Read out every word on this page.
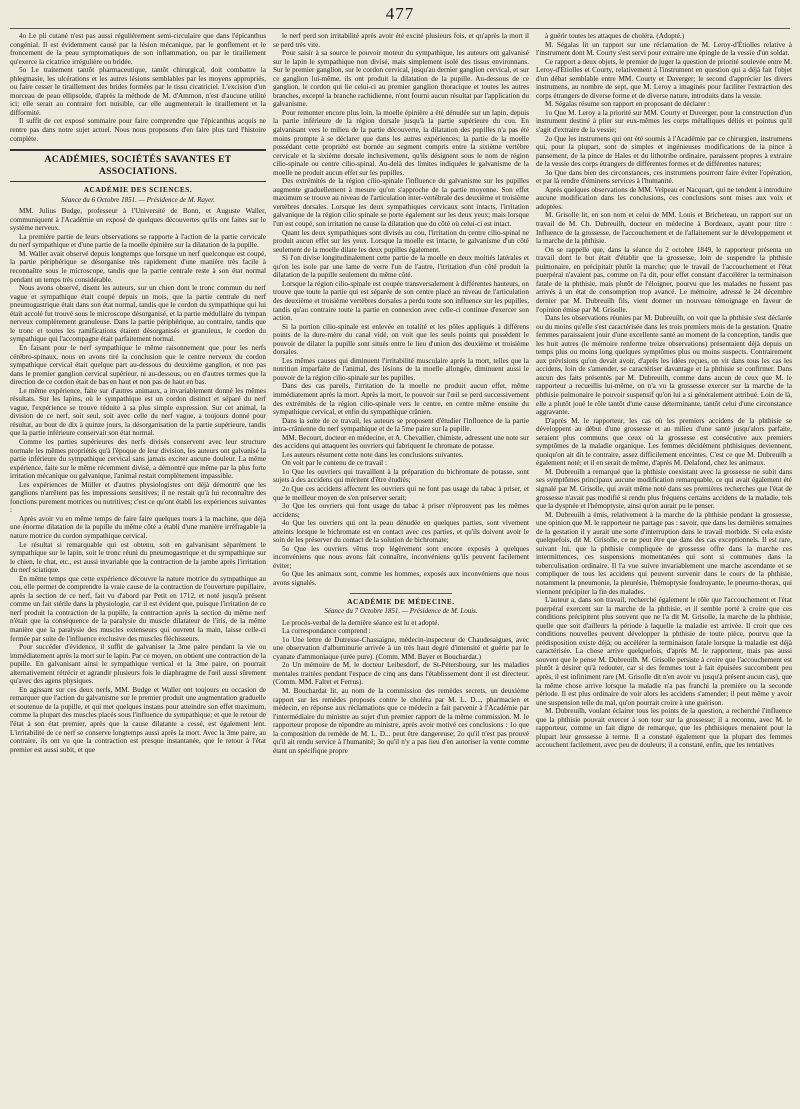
477

4o Le pli cutané n'est pas aussi régulièrement semi-circulaire que dans l'épicanthus congénial. Il est évidemment causé par la lésion mécanique, par le gonflement et le froncement de la peau symptomatiques de son inflammation, ou par le tiraillement qu'exerce la cicatrice irrégulière ou bridée.

5o Le traitement tantôt pharmaceutique, tantôt chirurgical, doit combattre la phlegmasie, les ulcérations et les autres lésions semblables par les moyens appropriés, ou faire cesser le tiraillement des brides formées par le tissu cicatriciel. L'excision d'un morceau de peau ellipsoïde, d'après la méthode de M. d'Ammon, n'est d'aucune utilité ici; elle serait au contraire fort nuisible, car elle augmenterait le tiraillement et la difformité.

Il suffit de cet exposé sommaire pour faire comprendre que l'épicanthus acquis ne rentre pas dans notre sujet actuel. Nous nous proposons d'en faire plus tard l'histoire complète.

ACADÉMIES, SOCIÉTÉS SAVANTES ET ASSOCIATIONS.
ACADÉMIE DES SCIENCES.
Séance du 6 Octobre 1851. — Présidence de M. Rayer.

MM. Julius Budge, professeur à l'Université de Bonn, et Auguste Waller, communiquent à l'Académie un exposé de quelques découvertes qu'ils ont faites sur le système nerveux.

La première partie de leurs observations se rapporte à l'action de la partie cervicale du nerf sympathique et d'une partie de la moelle épinière sur la dilatation de la pupille.

M. Waller avait observé depuis longtemps que lorsque un nerf quelconque est coupé, la partie périphérique se désorganise très rapidement d'une manière très facile à reconnaître sous le microscope, tandis que la partie centrale reste à son état normal pendant un temps très considérable.

Nous avons observé, disent les auteurs, sur un chien dont le tronc commun du nerf vague et sympathique était coupé depuis un mois, que la partie centrale du nerf pneumogastrique était dans son état normal, tandis que le cordon du sympathique qui lui était accolé fut trouvé sous le microscope désorganisé, et la partie médullaire du tympan nerveux complètement granuleuse. Dans la partie périphérique, au contraire, tandis que le tronc et toutes les ramifications étaient désorganisés et granuleux, le cordon du sympathique qui l'accompagne était parfaitement normal.

En faisant pour le nerf sympathique le même raisonnement que pour les nerfs cérébro-spinaux, nous en avons tiré la conclusion que le centre nerveux du cordon sympathique cervical était quelque part au-dessous du deuxième ganglion, et non pas dans le premier ganglion cervical supérieur, ni au-dessous, ou en d'autres termes que la direction de ce cordon était de bas en haut et non pas de haut en bas.

Le même expérience, faite sur d'autres animaux, a invariablement donné les mêmes résultats. Sur les lapins, où le sympathique est un cordon distinct et séparé du nerf vague, l'expérience se trouve réduite à sa plus simple expression. Sur cet animal, la division de ce nerf, soit seul, soit avec celle du nerf vague, a toujours donné pour résultat, au bout de dix à quinze jours, la désorganisation de la partie supérieure, tandis que la partie inférieure conservait son état normal.

Comme les parties supérieures des nerfs divisés conservent avec leur structure normale les mêmes propriétés qu'à l'époque de leur division, les auteurs ont galvanisé la partie inférieure du sympathique cervical sans jamais exciter aucune douleur. La même expérience, faite sur le même récemment divisé, a démontré que même par la plus forte irritation mécanique ou galvanique, l'animal restait complètement impassible.

Les expériences de Müller et d'autres physiologistes ont déjà démontré que les ganglions n'arrêtent pas les impressions sensitives; il ne restait qu'à lui reconnaître des fonctions purement motrices ou nutritives; c'est ce qu'ont établi les expériences suivantes :

Après avoir vu en même temps de faire faire quelques tours à la machine, que déjà une énorme dilatation de la pupille du même côté a établi d'une manière irréfragable la nature motrice du cordon sympathique cervical.

Le résultat si remarquable qui est obtenu, soit en galvanisant séparément le sympathique sur le lapin, soit le tronc réuni du pneumogastrique et du sympathique sur le chien, le chat, etc., est aussi invariable que la contraction de la jambe après l'irritation du nerf sciatique.

En même temps que cette expérience découvre la nature motrice du sympathique au cou, elle permet de comprendre la vraie cause de la contraction de l'ouverture pupillaire, après la section de ce nerf, fait vu d'abord par Petit en 1712, et noté jusqu'à présent comme un fait stérile dans la physiologie, car il est évident que, puisque l'irritation de ce nerf produit la contraction de la pupille, la contraction après la section du même nerf n'était que la conséquence de la paralysie du muscle dilatateur de l'iris, de la même manière que la paralysie des muscles extenseurs qui ouvrent la main, laisse celle-ci fermée par suite de l'influence exclusive des muscles fléchisseurs.

Pour succéder d'évidence, il suffit de galvaniser la 3me paire pendant la vie ou immédiatement après la mort sur le lapin. Par ce moyen, on obtient une contraction de la pupille. En galvanisant ainsi le sympathique vertical et la 3me paire, on pourrait alternativement rétrécir et agrandir plusieurs fois le diaphragme de l'œil aussi sûrement qu'avec des agens physiques.

En agissant sur ces deux nerfs, MM. Budge et Waller ont toujours eu occasion de remarquer que l'action du galvanisme sur le premier produit une augmentation graduelle et soutenue de la pupille, et qui met quelques instans pour atteindre son effet maximum, comme la plupart des muscles placés sous l'influence du sympathique; et que le retour de l'état à son état premier, après que la cause dilatante a cessé, est également lent. L'irritabilité de ce nerf se conserve longtemps aussi après la mort. Avec la 3me paire, au contraire, ils ont vu que la contraction est presque instantanée, que le retour à l'état premier est aussi subit, et que

le nerf perd son irritabilité après avoir été excité plusieurs fois, et qu'après la mort il se perd très vite.

Pour saisir à sa source le pouvoir moteur du sympathique, les auteurs ont galvanisé sur le lapin le sympathique non divisé, mais simplement isolé des tissus environnans. Sur le premier ganglion, sur le cordon cervical, jusqu'au dernier ganglion cervical, et sur ce ganglion lui-même, ils ont produit la dilatation de la pupille. Au-dessous de ce ganglion, le cordon qui lie celui-ci au premier ganglion thoracique et toutes les autres branches, excepté la branche rachidienne, n'ont fourni aucun résultat par l'application du galvanisme.

Pour remonter encore plus loin, la moelle épinière a été dénudée sur un lapin, depuis la partie inférieure de la région dorsale jusqu'à la partie supérieure du cou. En galvanisant vers le milieu de la partie découverte, la dilatation des pupilles n'a pas été moins prompte à se déclarer que dans les autres expériences; la partie de la moelle possédant cette propriété est bornée au segment compris entre la sixième vertèbre cervicale et la sixième dorsale inclusivement, qu'ils désignent sous le nom de région cilio-spinale ou centre cilio-spinal. Au-delà des limites indiquées le galvanisme de la moelle ne produit aucun effet sur les pupilles.

Des extrémités de la région cilio-spinale l'influence du galvanisme sur les pupilles augmente graduellement à mesure qu'on s'approche de la partie moyenne. Son effet maximum se trouve au niveau de l'articulation inter-vertébrale des deuxième et troisième vertèbres dorsales. Lorsque les deux sympathiques cervicaux sont intacts, l'irritation galvanique de la région cilio spinale se porte également sur les deux yeux; mais lorsque l'un est coupé, son irritation ne cause la dilatation que du côté où celui-ci est intact.

Quant les deux sympathiques sont divisés au cou, l'irritation du centre cilio-spinal ne produit aucun effet sur les yeux. Lorsque la moelle est intacte, le galvanisme d'un côté seulement de la moelle dilate les deux pupilles également.

Si l'on divise longitudinalement cette partie de la moelle en deux moitiés latérales et qu'on les isole par une lame de verre l'un de l'autre, l'irritation d'un côté produit la dilatation de la pupille seulement du même côté.

Lorsque la région cilio-spinale est coupée transversalement à différentes hauteurs, on trouve que toute la partie qui est séparée de son centre placé au niveau de l'articulation des deuxième et troisième vertèbres dorsales a perdu toute son influence sur les pupilles, tandis qu'au contraire toute la partie en connexion avec celle-ci continue d'exercer son action.

Si la portion cilio-spinale est enlevée en totalité et les pôles appliqués à différens points de la dure-mère du canal vidé, on voit que les seuls points qui possèdent le pouvoir de dilater la pupille sont situés entre le lieu d'union des deuxième et troisième dorsales.

Les mêmes causes qui diminuent l'irritabilité musculaire après la mort, telles que la nutrition imparfaite de l'animal, des lésions de la moelle allongée, diminuent aussi le pouvoir de la région cilio-spinale sur les pupilles.

Dans des cas pareils, l'irritation de la moelle ne produit aucun effet, même immédiatement après la mort. Après la mort, le pouvoir sur l'œil se perd successivement des extrémités de la région cilio-spinale vers le centre, en centre même ensuite du sympathique cervical, et enfin du sympathique crânien.

Dans la suite de ce travail, les auteurs se proposent d'étudier l'influence de la partie intra-crânienne du nerf sympathique et de la 5me paire sur la pupille.

MM. Becourt, docteur en médecine, et A. Chevallier, chimiste, adressent une note sur des accidens qui attaquent les ouvriers qui fabriquent le chromate de potasse.

Les auteurs résument cette note dans les conclusions suivantes.

On voit par le contenu de ce travail :

1o Que les ouvriers qui travaillent à la préparation du bichromate de potasse, sont sujets à des accidens qui méritent d'être étudiés;

2o Que ces accidens affectent les ouvriers qui ne font pas usage du tabac à priser, et que le meilleur moyen de s'en préserver serait;

3o Que les ouvriers qui font usage du tabac à priser n'éprouvent pas les mêmes accidens;

4o Que les ouvriers qui ont la peau dénudée en quelques parties, sont vivement atteints lorsque le bichromate est en contact avec ces parties, et qu'ils doivent avoir le soin de les préserver du contact de la solution de bichromate;

5o Que les ouvriers vêtus trop légèrement sont encore exposés à quelques inconvéniens que nous avons fait connaître, inconvéniens qu'ils peuvent facilement éviter;

6o Que les animaux sont, comme les hommes, exposés aux inconvéniens que nous avons signalés.

ACADÉMIE DE MÉDECINE.
Séance du 7 Octobre 1851. — Présidence de M. Louis.

Le procès-verbal de la dernière séance est lu et adopté.

La correspondance comprend :

1o Une lettre de Dutresse-Chassaigne, médecin-inspecteur de Chaudesaigues, avec une observation d'albuminurie arrivée à un très haut degré d'intensité et guérie par le cyanate d'ammoniaque (urée pure). (Comm. MM. Bayer et Bouchardat.)

2o Un mémoire de M. le docteur Leibesdorf, de St-Pétersbourg, sur les maladies mentales traitées pendant l'espace de cinq ans dans l'établissement dont il est directeur. (Comm. MM. Falret et Ferrus).

M. Bouchardat lit, au nom de la commission des remèdes secrets, un deuxième rapport sur les remèdes proposés contre le choléra par M. L. D..., pharmacien et médecin, en réponse aux réclamations que ce médecin a fait parvenir à l'Académie par l'intermédiaire du ministre au sujet d'un premier rapport de la même commission. M. le rapporteur propose de répondre au ministre, après avoir motivé ces conclusions : 1o que la composition du remède de M. L. D... peut être dangereuse; 2o qu'il n'est pas prouvé qu'il ait rendu service à l'humanité; 3o qu'il n'y a pas lieu d'en autoriser la vente comme étant un spécifique propre

à guérir toutes les attaques de choléra. (Adopté.)

M. Ségalas lit un rapport sur une réclamation de M. Leroy-d'Étiolles relative à l'instrument dont M. Courty s'est servi pour extraire une épingle de la vessie d'un soldat.

Ce rapport a deux objets, le premier de juger la question de priorité soulevée entre M. Leroy-d'Étiolles et Courty, relativement à l'instrument en question qui a déjà fait l'objet d'un débat semblable entre MM. Courty et Daverger; le second d'apprécier les divers instrumens, au nombre de sept, que M. Leroy a imaginés pour faciliter l'extraction des corps étrangers de diverse forme et de diverse nature, introduits dans la vessie.

M. Ségalas résume son rapport en proposant de déclarer :

1o Que M. Leroy a la priorité sur MM. Courty et Duverger, pour la construction d'un instrument destiné à plier sur eux-mêmes les corps métalliques déliés et pointus qu'il s'agit d'extraire de la vessie;

2o Que les instrumens qui ont été soumis à l'Académie par ce chirurgien, instrumens qui, pour la plupart, sont de simples et ingénieuses modifications de la pince à pansement, de la pince de Hales et du lithotribe ordinaire, paraissent propres à extraire de la vessie des corps étrangers de différentes formes et de différentes natures;

3o Que dans bien des circonstances, ces instrumens pourront faire éviter l'opération, et par là rendre d'éminens services à l'humanité.

Après quelques observations de MM. Velpeau et Nacquart, qui ne tendent à introduire aucune modification dans les conclusions, ces conclusions sont mises aux voix et adoptées.

M. Grisolle lit, en son nom et celui de MM. Louis et Bricheteau, un rapport sur un travail de M. Ch. Dubreuilh, docteur en médecine à Bordeaux, ayant pour titre : Influence de la grossesse, de l'accouchement et de l'allaitement sur le développement et la marche de la phthisie.

On se rappelle que, dans la séance du 2 octobre 1849, le rapporteur présenta un travail dont le but était d'établir que la grossesse, loin de suspendre la phthisie pulmonaire, en précipitait plutôt la marche; que le travail de l'accouchement et l'état puerpéral n'avaient pas, comme on l'a dit, pour effet constant d'accélérer la terminaison fatale de la phthisie, mais plutôt de l'éloigner, pourvu que les malades ne fussent pas arrivés à un état de consomption trop avancé. Le mémoire, adressé le 24 décembre dernier par M. Dubreuilh fils, vient donner un nouveau témoignage en faveur de l'opinion émise par M. Grisolle.

Dans les observations réunies par M. Dubreuilh, on voit que la phthisie s'est déclarée ou du moins qu'elle s'est caractérisée dans les trois premiers mois de la gestation. Quatre femmes paraissaient jouir d'une excellente santé au moment de la conception, tandis que les huit autres (le mémoire renferme treize observations) présentaient déjà depuis un temps plus ou moins long quelques symptômes plus ou moins suspects. Contrairement aux prévisions qu'on devait avoir, d'après les idées reçues, on vit dans tous les cas les accidens, loin de s'amender, se caractériser davantage et la phthisie se confirmer. Dans aucun des faits présentés par M. Dubreuilh, comme dans aucun de ceux que M. le rapporteur a recueillis lui-même, on n'a vu la grossesse exercer sur la marche de la phthisie pulmonaire le pouvoir suspensif qu'on lui a si généralement attribué. Loin de là, elle a plutôt joué le rôle tantôt d'une cause déterminante, tantôt celui d'une circonstance aggravante.

D'après M. le rapporteur, les cas où les premiers accidens de la phthisie se développent au début d'une grossesse et au milieu d'une santé jusqu'alors parfaite, seraient plus communs que ceux où la grossesse est consécutive aux premiers symptômes de la maladie organique. Les femmes décidément phthisiques deviennent, quoiqu'on ait dit le contraire, assez difficilement enceintes. C'est ce que M. Dubreuilh a également noté; et il en serait de même, d'après M. Delafond, chez les animaux.

M. Dubreuilh a remarqué que la phthisie coexistant avec la grossesse ne subit dans ses symptômes principaux aucune modification remarquable, ce qui avait également été signalé par M. Grisolle, qui avait même noté dans ses premières recherches que l'état de grossesse n'avait pas modifié si rendu plus fréquens certains accidens de la maladie, tels que la dyspnée et l'hémoptysie, ainsi qu'on aurait pu le penser.

M. Dubreuilh a émis, relativement à la marche de la phthisie pendant la grossesse, une opinion que M. le rapporteur ne partage pas : savoir, que dans les dernières semaines de la gestation il y aurait une sorte d'interruption dans le travail morbide. Si cela existe quelquefois, dit M. Grisolle, ce ne peut être que dans des cas exceptionnels. Il est rare, suivant lui, que la phthisie compliquée de grossesse offre dans la marche ces intermittences, ces suspensions momentanées qui sont si communes dans la tuberculisation ordinaire. Il l'a vue suivre invariablement une marche ascendante et se compliquer de tous les accidens qui peuvent survenir dans le cours de la phthisie, notamment la pneumonie, la pleurésie, l'hémoptysie foudroyante, le pneumo-thorax, qui viennent précipiter la fin des malades.

L'auteur a, dans son travail, recherché également le rôle que l'accouchement et l'état puerpéral exercent sur la marche de la phthisie, et il semble porté à croire que ces conditions précipitent plus souvent que ne l'a dit M. Grisolle, la marche de la phthisie, quelle que soit d'ailleurs la période à laquelle la maladie est arrivée. Il croit que ces conditions nouvelles peuvent développer la phthisie de toute pièce, pourvu que la prédisposition existe déjà; ou accélérer la terminaison fatale lorsque la maladie est déjà caractérisée. La chose arrive quelquefois, d'après M. le rapporteur, mais pas aussi souvent que le pense M. Dubreuilh. M. Grisolle persiste à croire que l'accouchement est plutôt à désirer qu'à redouter, car si des femmes tout à fait épuisées succombent peu après, il est infiniment rare (M. Grisolle dit n'en avoir vu jusqu'à présent aucun cas), que la même chose arrive lorsque la maladie n'a pas franchi la première ou la seconde période. Il est plus ordinaire de voir alors les accidens s'amender; il peut même y avoir une suspension telle du mal, qu'on pourrait croire à une guérison.

M. Dubreuilh, voulant éclairer tous les points de la question, a recherché l'influence que la phthisie pouvait exercer à son tour sur la grossesse; il a reconnu, avec M. le rapporteur, comme un fait digne de remarque, que les phthisiques menaient pour la plupart leur grossesse à terme. Il a constaté également que la plupart des femmes accouchent facilement, avec peu de douleurs; il a constaté, enfin, que les tentatives
